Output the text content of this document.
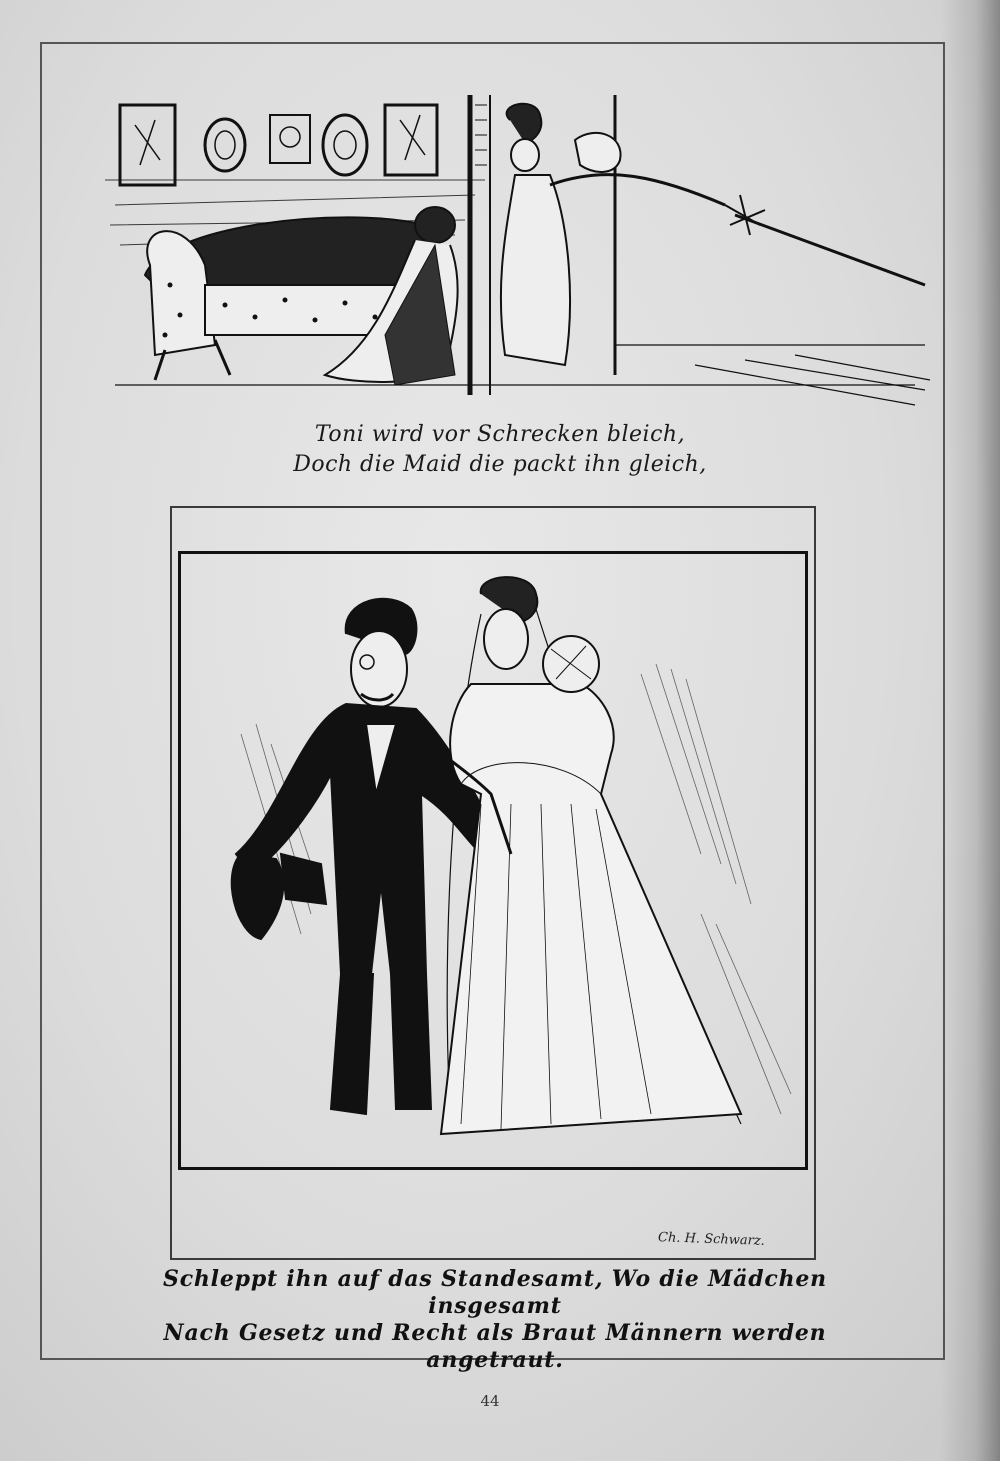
Toni wird vor Schrecken bleich,
Doch die Maid die packt ihn gleich,
Ch. H. Schwarz.
Schleppt ihn auf das Standesamt, Wo die Mädchen insgesamt
Nach Gesetz und Recht als Braut Männern werden angetraut.
44
